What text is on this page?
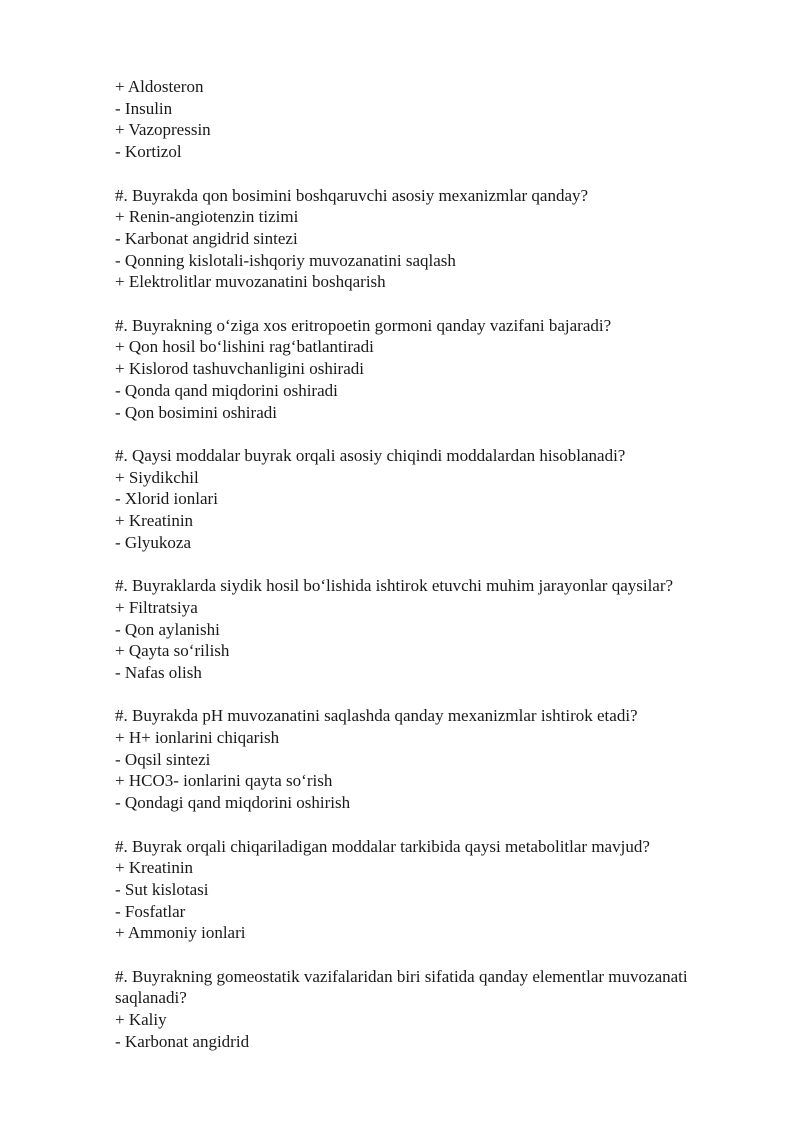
+ Aldosteron

- Insulin

+ Vazopressin

- Kortizol

#. Buyrakda qon bosimini boshqaruvchi asosiy mexanizmlar qanday?

+ Renin-angiotenzin tizimi

- Karbonat angidrid sintezi

- Qonning kislotali-ishqoriy muvozanatini saqlash

+ Elektrolitlar muvozanatini boshqarish

#. Buyrakning o‘ziga xos eritropoetin gormoni qanday vazifani bajaradi?

+ Qon hosil bo‘lishini rag‘batlantiradi

+ Kislorod tashuvchanligini oshiradi

- Qonda qand miqdorini oshiradi

- Qon bosimini oshiradi

#. Qaysi moddalar buyrak orqali asosiy chiqindi moddalardan hisoblanadi?

+ Siydikchil

- Xlorid ionlari

+ Kreatinin

- Glyukoza

#. Buyraklarda siydik hosil bo‘lishida ishtirok etuvchi muhim jarayonlar qaysilar?

+ Filtratsiya

- Qon aylanishi

+ Qayta so‘rilish

- Nafas olish

#. Buyrakda pH muvozanatini saqlashda qanday mexanizmlar ishtirok etadi?

+ H+ ionlarini chiqarish

- Oqsil sintezi

+ HCO3- ionlarini qayta so‘rish

- Qondagi qand miqdorini oshirish

#. Buyrak orqali chiqariladigan moddalar tarkibida qaysi metabolitlar mavjud?

+ Kreatinin

- Sut kislotasi

- Fosfatlar

+ Ammoniy ionlari

#. Buyrakning gomeostatik vazifalaridan biri sifatida qanday elementlar muvozanati saqlanadi?

+ Kaliy

- Karbonat angidrid
